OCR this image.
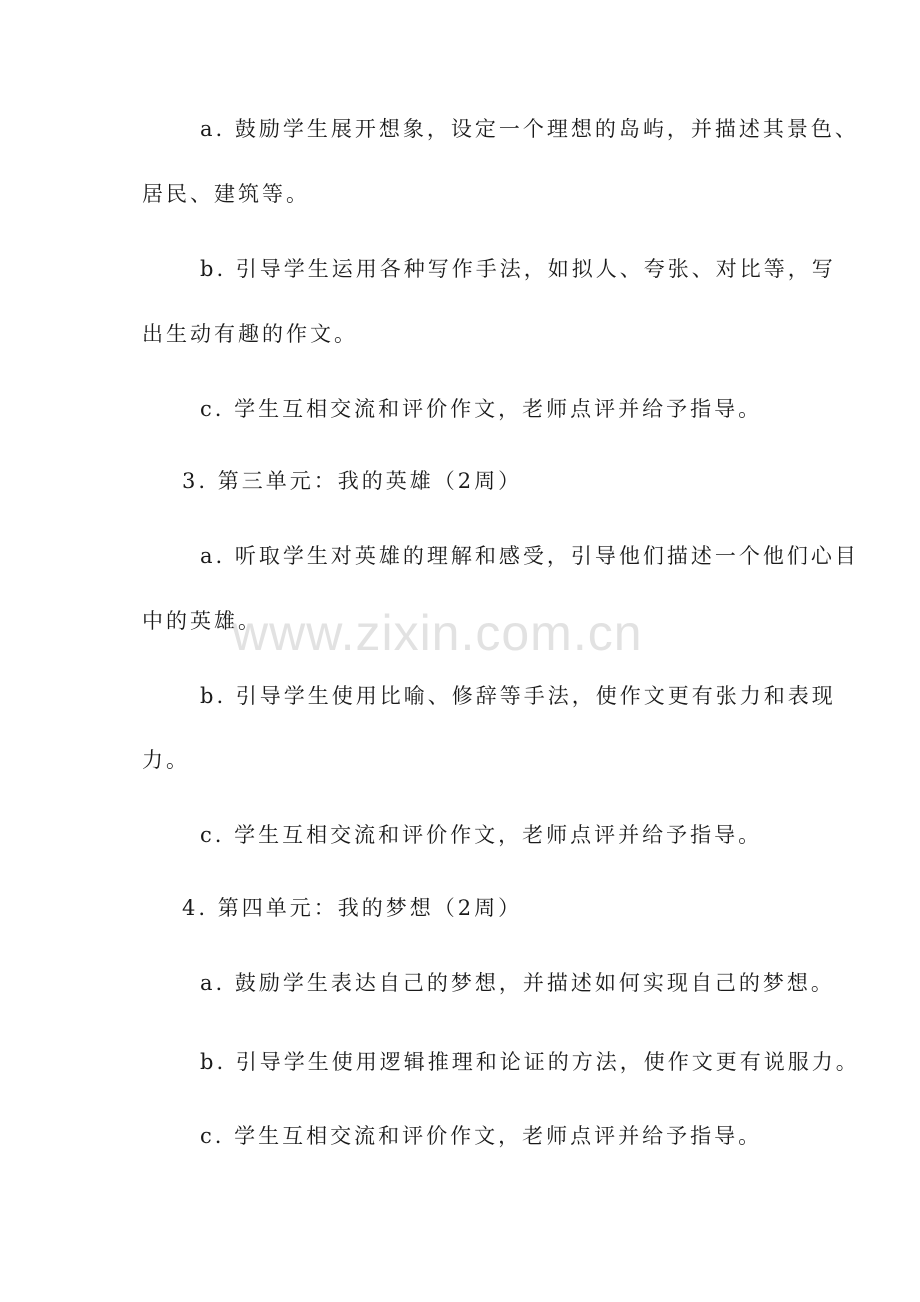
a. 鼓励学生展开想象，设定一个理想的岛屿，并描述其景色、
居民、建筑等。
b. 引导学生运用各种写作手法，如拟人、夸张、对比等，写
出生动有趣的作文。
c. 学生互相交流和评价作文，老师点评并给予指导。
3. 第三单元：我的英雄（2周）
a. 听取学生对英雄的理解和感受，引导他们描述一个他们心目
中的英雄。
b. 引导学生使用比喻、修辞等手法，使作文更有张力和表现
力。
c. 学生互相交流和评价作文，老师点评并给予指导。
4. 第四单元：我的梦想（2周）
a. 鼓励学生表达自己的梦想，并描述如何实现自己的梦想。
b. 引导学生使用逻辑推理和论证的方法，使作文更有说服力。
c. 学生互相交流和评价作文，老师点评并给予指导。
www.zixin.com.cn
